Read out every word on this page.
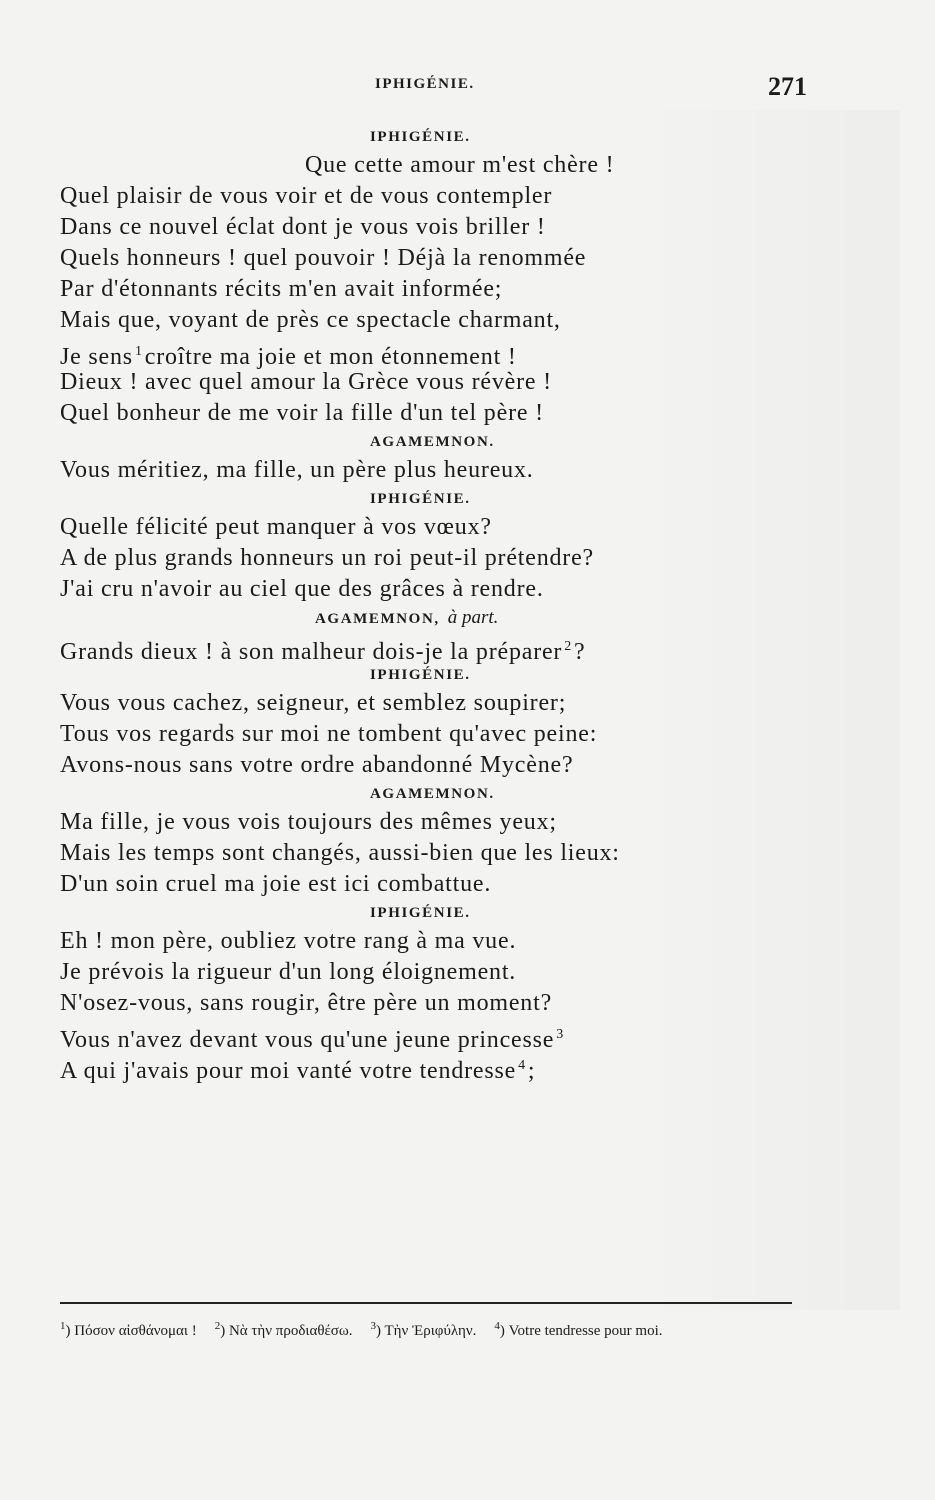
IPHIGÉNIE.	271
IPHIGÉNIE.
Que cette amour m'est chère !
Quel plaisir de vous voir et de vous contempler
Dans ce nouvel éclat dont je vous vois briller !
Quels honneurs ! quel pouvoir ! Déjà la renommée
Par d'étonnants récits m'en avait informée;
Mais que, voyant de près ce spectacle charmant,
Je sens $^1$croître ma joie et mon étonnement !
Dieux ! avec quel amour la Grèce vous révère !
Quel bonheur de me voir la fille d'un tel père !
AGAMEMNON.
Vous méritiez, ma fille, un père plus heureux.
IPHIGÉNIE.
Quelle félicité peut manquer à vos vœux?
A de plus grands honneurs un roi peut-il prétendre?
J'ai cru n'avoir au ciel que des grâces à rendre.
AGAMEMNON, à part.
Grands dieux ! à son malheur dois-je la préparer $^2$?
IPHIGÉNIE.
Vous vous cachez, seigneur, et semblez soupirer;
Tous vos regards sur moi ne tombent qu'avec peine:
Avons-nous sans votre ordre abandonné Mycène?
AGAMEMNON.
Ma fille, je vous vois toujours des mêmes yeux;
Mais les temps sont changés, aussi-bien que les lieux:
D'un soin cruel ma joie est ici combattue.
IPHIGÉNIE.
Eh ! mon père, oubliez votre rang à ma vue.
Je prévois la rigueur d'un long éloignement.
N'osez-vous, sans rougir, être père un moment?
Vous n'avez devant vous qu'une jeune princesse $^3$
A qui j'avais pour moi vanté votre tendresse $^4$;
$^1$) Πόσον αἰσθάνομαι ! $^2$) Νὰ τὴν προδιαθέσω. $^3$) Τὴν Ἐριφύλην. $^4$) Votre tendresse pour moi.
